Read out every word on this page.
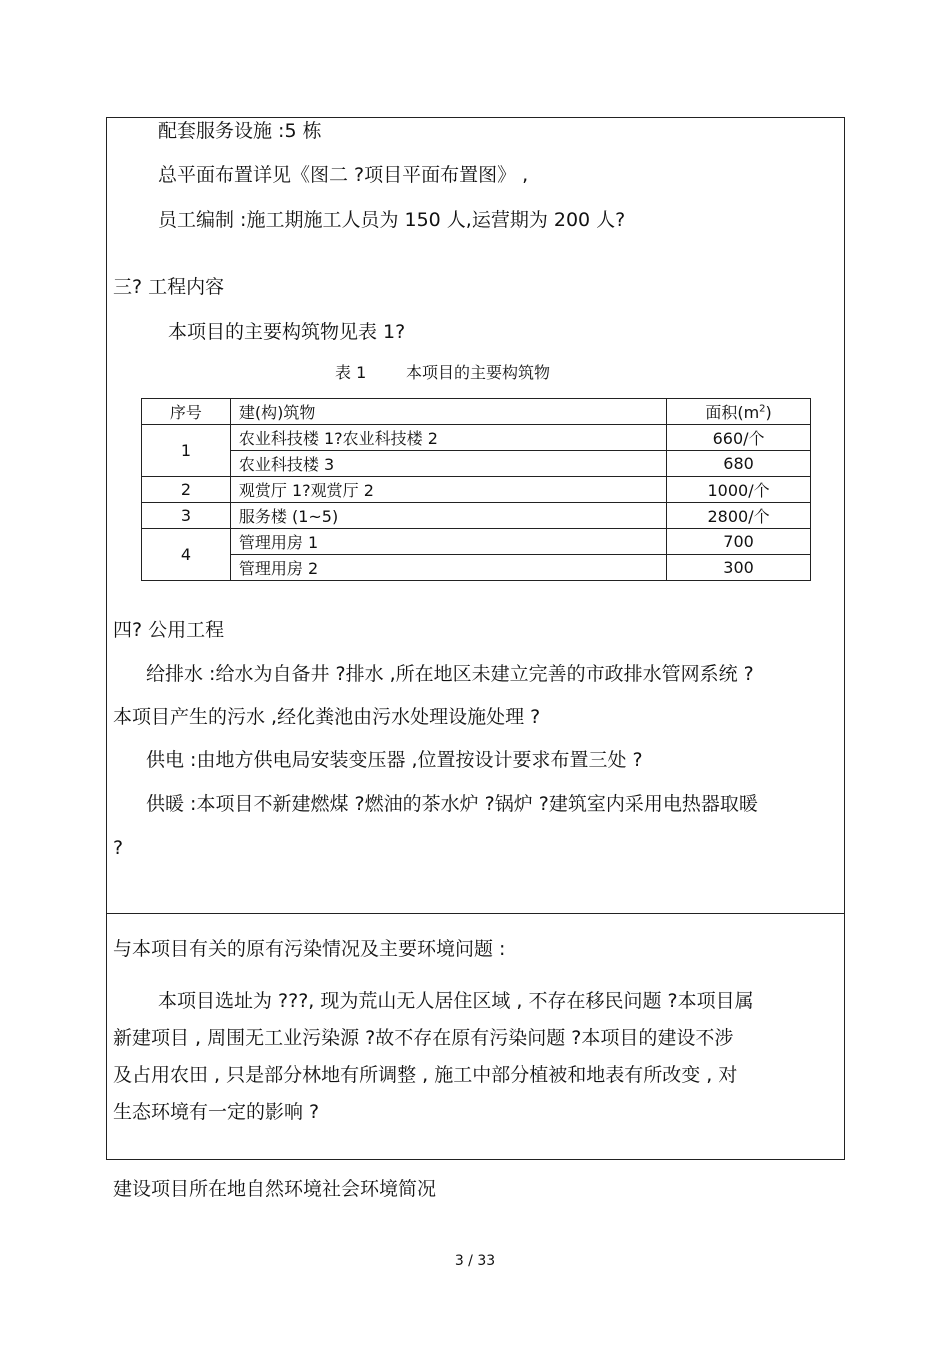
配套服务设施 :5 栋
总平面布置详见《图二 ?项目平面布置图》 ,
员工编制 :施工期施工人员为 150 人,运营期为 200 人?
三? 工程内容
本项目的主要构筑物见表 1?
表 1 本项目的主要构筑物
序号	建(构)筑物	面积$(m^2)$
1	农业科技楼 1?农业科技楼 2	660/个
	农业科技楼 3	680
2	观赏厅 1?观赏厅 2	1000/个
3	服务楼 (1~5)	2800/个
4	管理用房 1	700
	管理用房 2	300
四? 公用工程
给排水 :给水为自备井 ?排水 ,所在地区未建立完善的市政排水管网系统 ?
本项目产生的污水 ,经化粪池由污水处理设施处理 ?
供电 :由地方供电局安装变压器 ,位置按设计要求布置三处 ?
供暖 :本项目不新建燃煤 ?燃油的茶水炉 ?锅炉 ?建筑室内采用电热器取暖
?
与本项目有关的原有污染情况及主要环境问题 :
本项目选址为 ???, 现为荒山无人居住区域 , 不存在移民问题 ?本项目属
新建项目 , 周围无工业污染源 ?故不存在原有污染问题 ?本项目的建设不涉
及占用农田 , 只是部分林地有所调整 , 施工中部分植被和地表有所改变 , 对
生态环境有一定的影响 ?
建设项目所在地自然环境社会环境简况
3 / 33
